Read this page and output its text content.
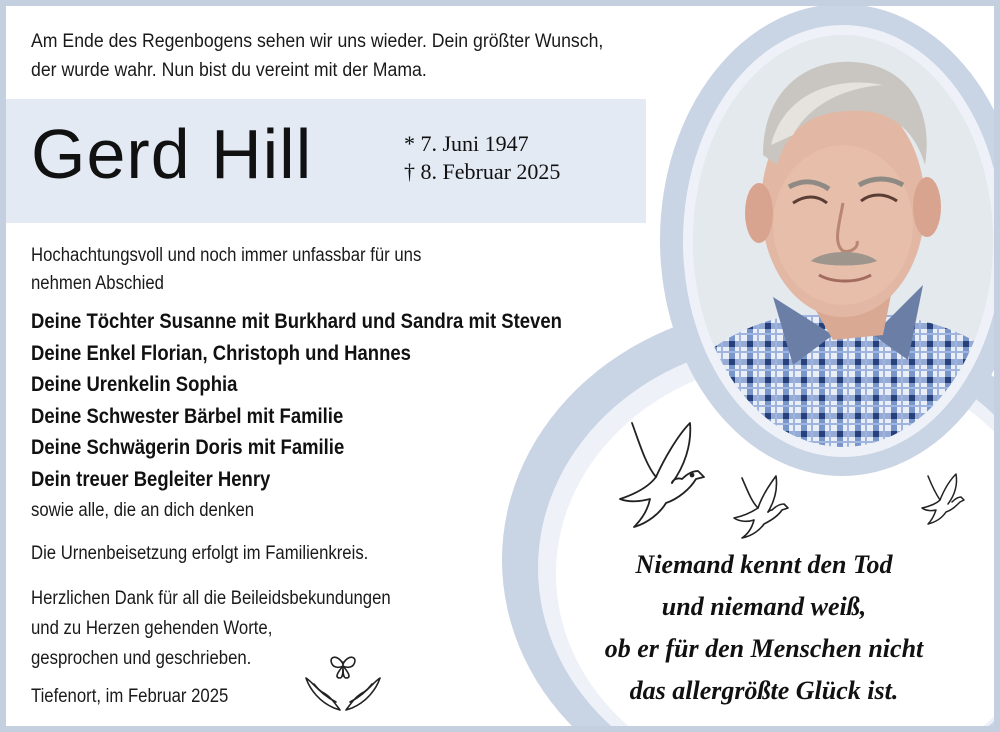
Am Ende des Regenbogens sehen wir uns wieder. Dein größter Wunsch,
der wurde wahr. Nun bist du vereint mit der Mama.
Gerd Hill	* 7. Juni 1947
† 8. Februar 2025
Hochachtungsvoll und noch immer unfassbar für uns
nehmen Abschied
Deine Töchter Susanne mit Burkhard und Sandra mit Steven
Deine Enkel Florian, Christoph und Hannes
Deine Urenkelin Sophia
Deine Schwester Bärbel mit Familie
Deine Schwägerin Doris mit Familie
Dein treuer Begleiter Henry
sowie alle, die an dich denken
Die Urnenbeisetzung erfolgt im Familienkreis.
Herzlichen Dank für all die Beileidsbekundungen
und zu Herzen gehenden Worte,
gesprochen und geschrieben.
Tiefenort, im Februar 2025
Niemand kennt den Tod
und niemand weiß,
ob er für den Menschen nicht
das allergrößte Glück ist.
